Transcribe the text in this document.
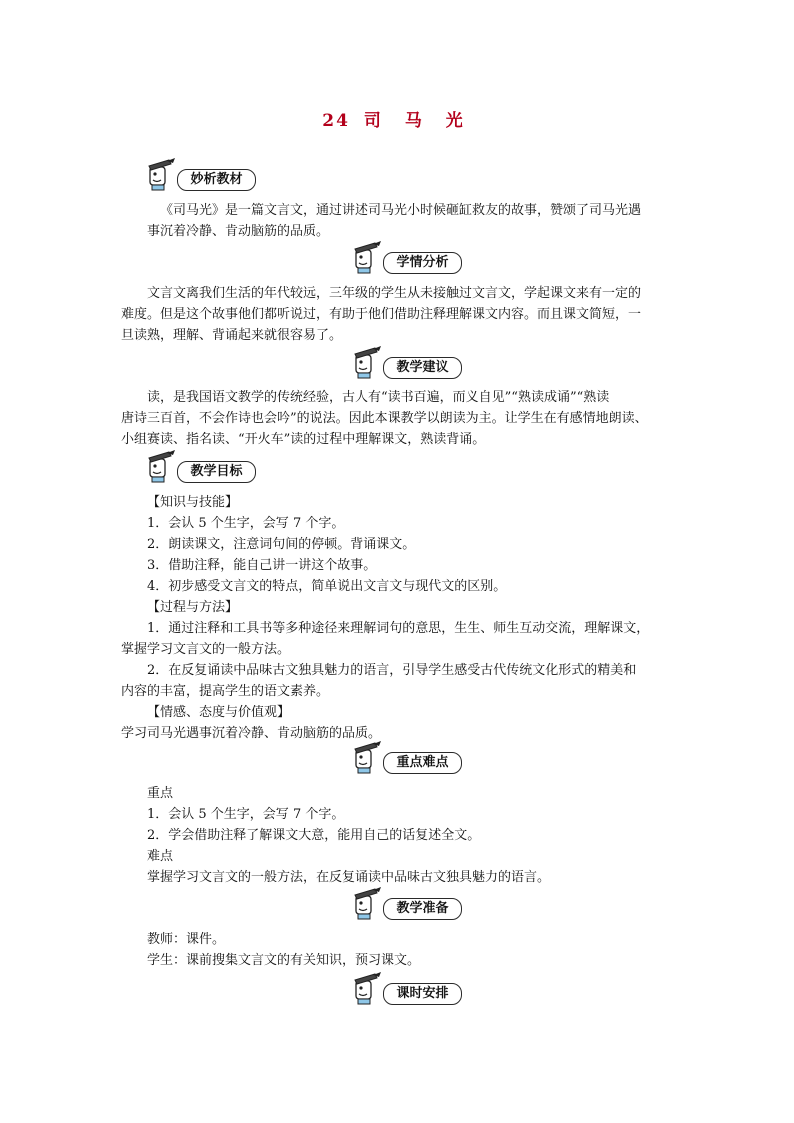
24 司 马 光
妙析教材
《司马光》是一篇文言文，通过讲述司马光小时候砸缸救友的故事，赞颂了司马光遇
事沉着冷静、肯动脑筋的品质。
学情分析
文言文离我们生活的年代较远，三年级的学生从未接触过文言文，学起课文来有一定的
难度。但是这个故事他们都听说过，有助于他们借助注释理解课文内容。而且课文简短，一
旦读熟，理解、背诵起来就很容易了。
教学建议
读，是我国语文教学的传统经验，古人有“读书百遍，而义自见”“熟读成诵”“熟读
唐诗三百首，不会作诗也会吟”的说法。因此本课教学以朗读为主。让学生在有感情地朗读、
小组赛读、指名读、“开火车”读的过程中理解课文，熟读背诵。
教学目标
【知识与技能】
1．会认 5 个生字，会写 7 个字。
2．朗读课文，注意词句间的停顿。背诵课文。
3．借助注释，能自己讲一讲这个故事。
4．初步感受文言文的特点，简单说出文言文与现代文的区别。
【过程与方法】
1．通过注释和工具书等多种途径来理解词句的意思，生生、师生互动交流，理解课文，
掌握学习文言文的一般方法。
2．在反复诵读中品味古文独具魅力的语言，引导学生感受古代传统文化形式的精美和
内容的丰富，提高学生的语文素养。
【情感、态度与价值观】
学习司马光遇事沉着冷静、肯动脑筋的品质。
重点难点
重点
1．会认 5 个生字，会写 7 个字。
2．学会借助注释了解课文大意，能用自己的话复述全文。
难点
掌握学习文言文的一般方法，在反复诵读中品味古文独具魅力的语言。
教学准备
教师：课件。
学生：课前搜集文言文的有关知识，预习课文。
课时安排
